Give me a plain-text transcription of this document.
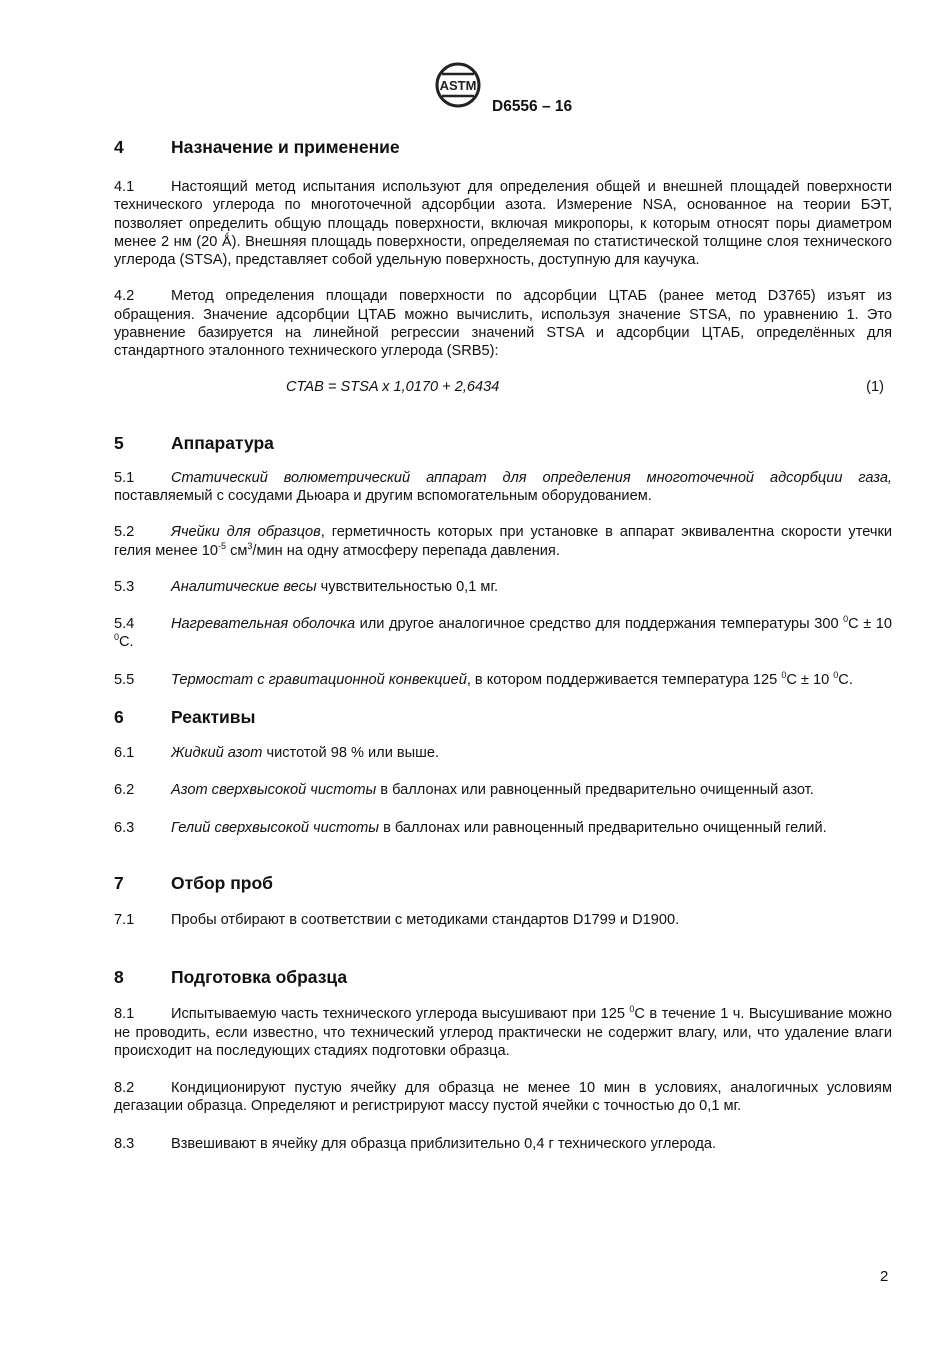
ASTM
D6556 – 16
4	Назначение и применение

4.1	Настоящий метод испытания используют для определения общей и внешней площадей поверхности технического углерода по многоточечной адсорбции азота. Измерение NSA, основанное на теории БЭТ, позволяет определить общую площадь поверхности, включая микропоры, к которым относят поры диаметром менее 2 нм (20 Ǻ). Внешняя площадь поверхности, определяемая по статистической толщине слоя технического углерода (STSA), представляет собой удельную поверхность, доступную для каучука.

4.2	Метод определения площади поверхности по адсорбции ЦТАБ (ранее метод D3765) изъят из обращения. Значение адсорбции ЦТАБ можно вычислить, используя значение STSA, по уравнению 1. Это уравнение базируется на линейной регрессии значений STSA и адсорбции ЦТАБ, определённых для стандартного эталонного технического углерода (SRB5):

CTAB = STSA x 1,0170 + 2,6434	(1)
5	Аппаратура

5.1	Статический волюметрический аппарат для определения многоточечной адсорбции газа, поставляемый с сосудами Дьюара и другим вспомогательным оборудованием.

5.2	Ячейки для образцов, герметичность которых при установке в аппарат эквивалентна скорости утечки гелия менее $10^{-5}$ $см^3$/мин на одну атмосферу перепада давления.

5.3	Аналитические весы чувствительностью 0,1 мг.

5.4	Нагревательная оболочка или другое аналогичное средство для поддержания температуры 300 $^0$С ± 10 $^0$С.

5.5	Термостат с гравитационной конвекцией, в котором поддерживается температура 125 $^0$С ± 10 $^0$С.

6	Реактивы

6.1	Жидкий азот чистотой 98 % или выше.

6.2	Азот сверхвысокой чистоты в баллонах или равноценный предварительно очищенный азот.

6.3	Гелий сверхвысокой чистоты в баллонах или равноценный предварительно очищенный гелий.

7	Отбор проб

7.1	Пробы отбирают в соответствии с методиками стандартов D1799 и D1900.

8	Подготовка образца

8.1	Испытываемую часть технического углерода высушивают при 125 $^0$С в течение 1 ч. Высушивание можно не проводить, если известно, что технический углерод практически не содержит влагу, или, что удаление влаги происходит на последующих стадиях подготовки образца.

8.2	Кондиционируют пустую ячейку для образца не менее 10 мин в условиях, аналогичных условиям дегазации образца. Определяют и регистрируют массу пустой ячейки с точностью до 0,1 мг.

8.3	Взвешивают в ячейку для образца приблизительно 0,4 г технического углерода.

2
